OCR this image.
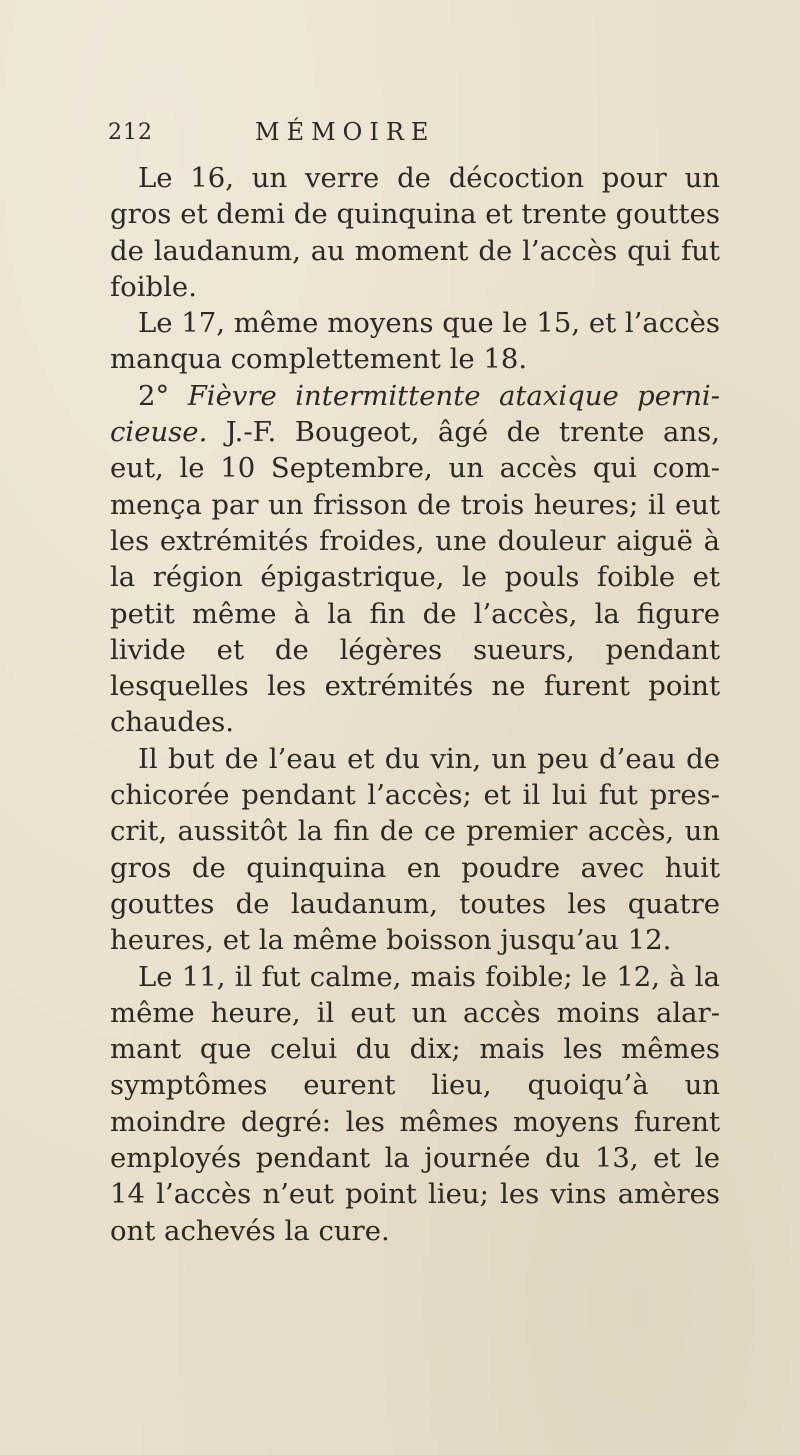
212	MÉMOIRE

Le 16, un verre de décoction pour un gros et demi de quinquina et trente gouttes de laudanum, au moment de l’accès qui fut foible.

Le 17, même moyens que le 15, et l’accès manqua complettement le 18.

2° Fièvre intermittente ataxique perni-cieuse. J.-F. Bougeot, âgé de trente ans, eut, le 10 Septembre, un accès qui com-mença par un frisson de trois heures; il eut les extrémités froides, une douleur aiguë à la région épigastrique, le pouls foible et petit même à la fin de l’accès, la figure livide et de légères sueurs, pendant lesquelles les extrémités ne furent point chaudes.

Il but de l’eau et du vin, un peu d’eau de chicorée pendant l’accès; et il lui fut pres-crit, aussitôt la fin de ce premier accès, un gros de quinquina en poudre avec huit gouttes de laudanum, toutes les quatre heures, et la même boisson jusqu’au 12.

Le 11, il fut calme, mais foible; le 12, à la même heure, il eut un accès moins alar-mant que celui du dix; mais les mêmes symptômes eurent lieu, quoiqu’à un moindre degré: les mêmes moyens furent employés pendant la journée du 13, et le 14 l’accès n’eut point lieu; les vins amères ont achevés la cure.
